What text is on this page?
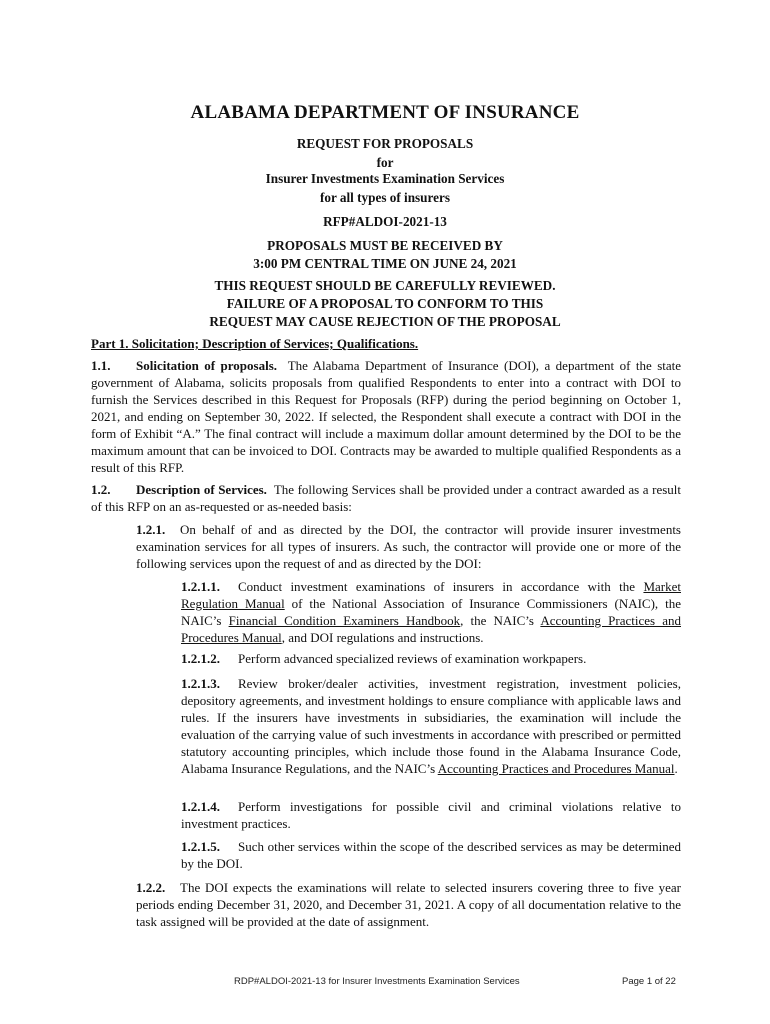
ALABAMA DEPARTMENT OF INSURANCE
REQUEST FOR PROPOSALS
for
Insurer Investments Examination Services
for all types of insurers
RFP#ALDOI-2021-13
PROPOSALS MUST BE RECEIVED BY
3:00 PM CENTRAL TIME ON JUNE 24, 2021
THIS REQUEST SHOULD BE CAREFULLY REVIEWED.
FAILURE OF A PROPOSAL TO CONFORM TO THIS
REQUEST MAY CAUSE REJECTION OF THE PROPOSAL
Part 1. Solicitation; Description of Services; Qualifications.
1.1. Solicitation of proposals. The Alabama Department of Insurance (DOI), a department of the state government of Alabama, solicits proposals from qualified Respondents to enter into a contract with DOI to furnish the Services described in this Request for Proposals (RFP) during the period beginning on October 1, 2021, and ending on September 30, 2022. If selected, the Respondent shall execute a contract with DOI in the form of Exhibit “A.” The final contract will include a maximum dollar amount determined by the DOI to be the maximum amount that can be invoiced to DOI. Contracts may be awarded to multiple qualified Respondents as a result of this RFP.
1.2. Description of Services. The following Services shall be provided under a contract awarded as a result of this RFP on an as-requested or as-needed basis:
1.2.1. On behalf of and as directed by the DOI, the contractor will provide insurer investments examination services for all types of insurers. As such, the contractor will provide one or more of the following services upon the request of and as directed by the DOI:
1.2.1.1. Conduct investment examinations of insurers in accordance with the Market Regulation Manual of the National Association of Insurance Commissioners (NAIC), the NAIC’s Financial Condition Examiners Handbook, the NAIC’s Accounting Practices and Procedures Manual, and DOI regulations and instructions.
1.2.1.2. Perform advanced specialized reviews of examination workpapers.
1.2.1.3. Review broker/dealer activities, investment registration, investment policies, depository agreements, and investment holdings to ensure compliance with applicable laws and rules. If the insurers have investments in subsidiaries, the examination will include the evaluation of the carrying value of such investments in accordance with prescribed or permitted statutory accounting principles, which include those found in the Alabama Insurance Code, Alabama Insurance Regulations, and the NAIC’s Accounting Practices and Procedures Manual.
1.2.1.4. Perform investigations for possible civil and criminal violations relative to investment practices.
1.2.1.5. Such other services within the scope of the described services as may be determined by the DOI.
1.2.2. The DOI expects the examinations will relate to selected insurers covering three to five year periods ending December 31, 2020, and December 31, 2021. A copy of all documentation relative to the task assigned will be provided at the date of assignment.
RDP#ALDOI-2021-13 for Insurer Investments Examination Services	Page 1 of 22
